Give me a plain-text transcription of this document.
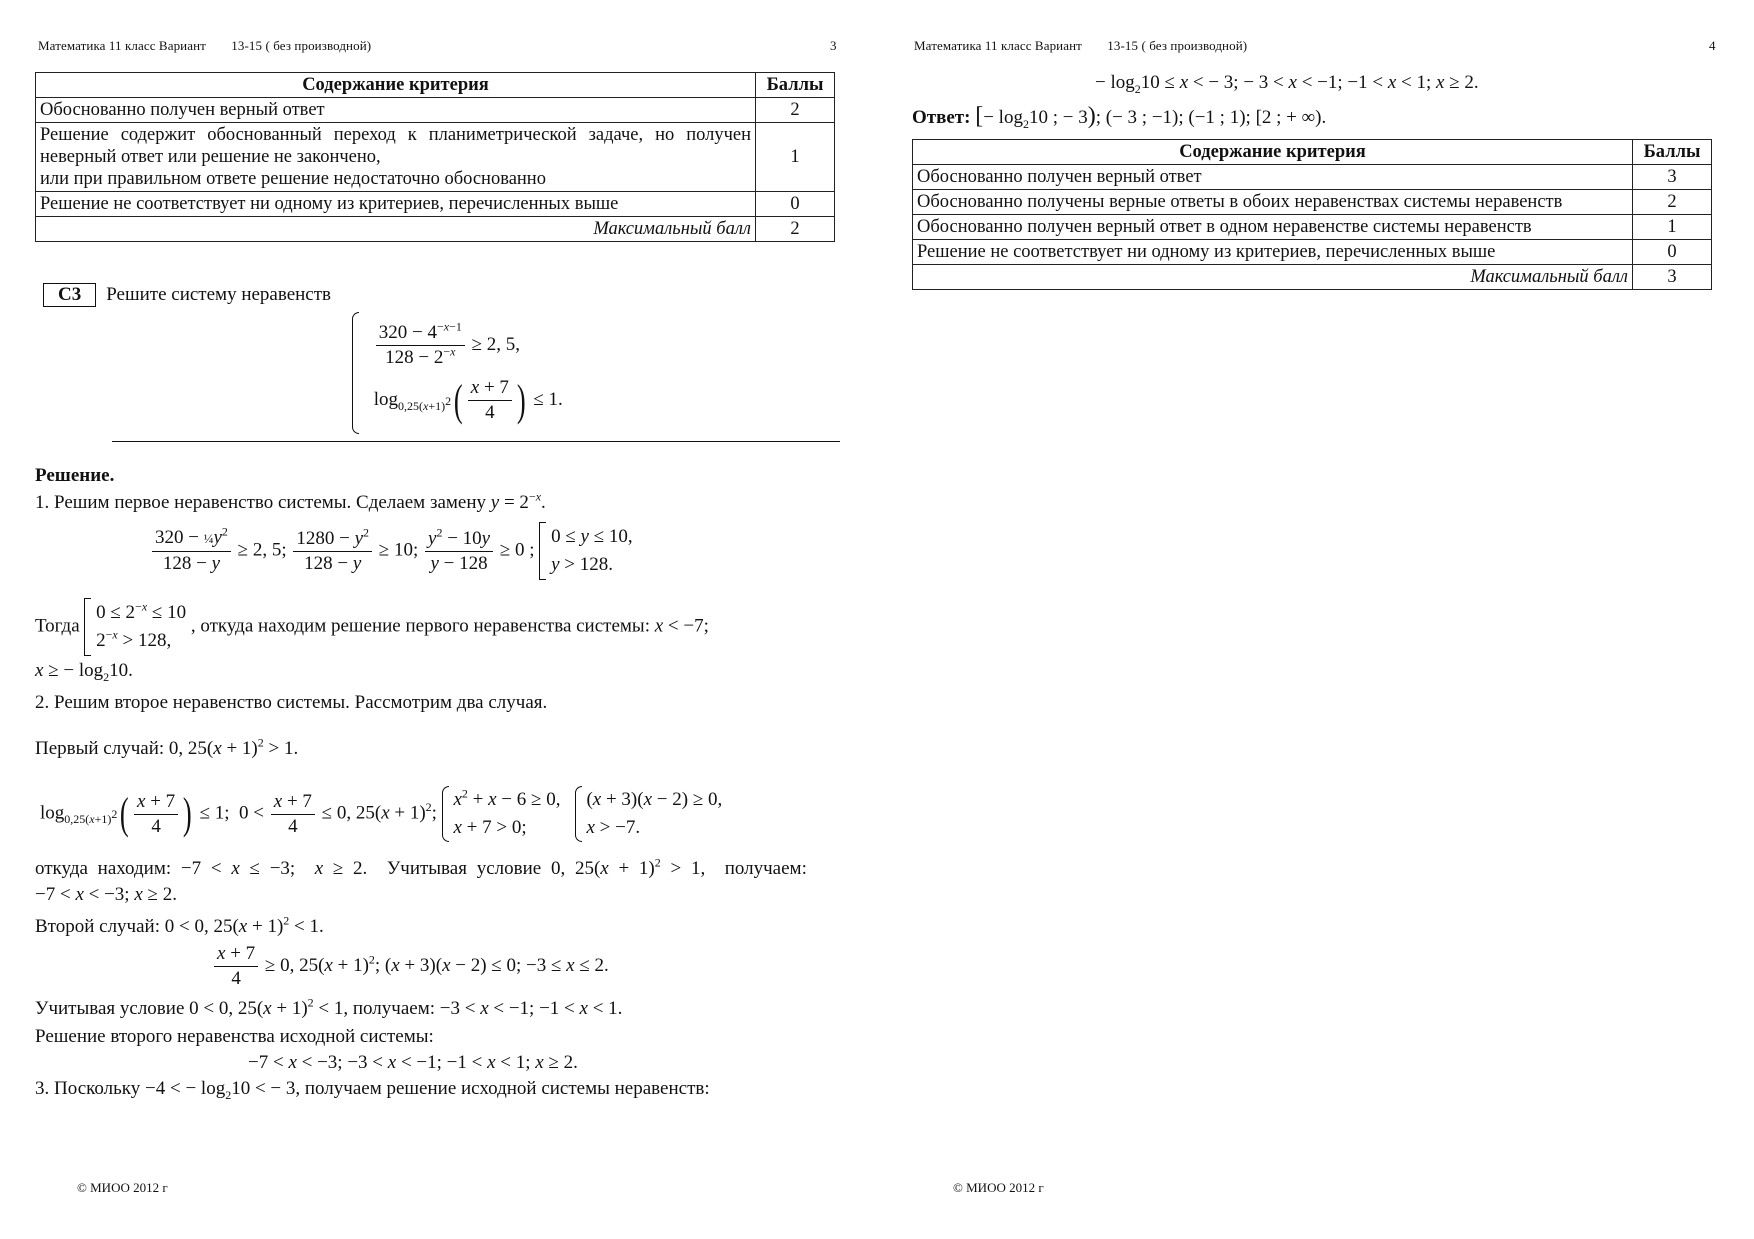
Математика 11 класс Вариант 13-15 ( без производной)	3
Содержание критерия	Баллы
Обоснованно получен верный ответ	2
Решение содержит обоснованный переход к планиметрической задаче, но получен неверный ответ или решение не закончено,
или при правильном ответе решение недостаточно обоснованно	1
Решение не соответствует ни одному из критериев, перечисленных выше	0
Максимальный балл	2
C3 Решите систему неравенств

$\frac{320 - 4^{-x-1}}{128 - 2^{-x}} \ge 2$, 5,
$\log_{0,25(x+1)^2}( \frac{x + 7}{4}$ ) ≤ 1.
Решение.
1. Решим первое неравенство системы. Сделаем замену $y = 2^{-x}$.
$\frac{320 - \frac{1}{4}y^2}{128 - y} \ge 2$, 5; $\frac{1280 - y^2}{128 - y} \ge 10$; $\frac{y^2 - 10y}{y - 128} \ge 0$ ;
0 ≤ y ≤ 10,
y > 128.
Тогда
$0 \le 2^{-x} \le 10$
$2^{-x} > 128$,
, откуда находим решение первого неравенства системы: x < −7;
x ≥ − $\log_210$.
2. Решим второе неравенство системы. Рассмотрим два случая.
Первый случай: 0, $25(x + 1)^2 > 1$.
$\log_{0,25(x+1)^2}( \frac{x + 7}{4}$ ) ≤ 1;  $0 < \frac{x + 7}{4} \le 0$, $25(x + 1)^2$;
$x^2 + x - 6 \ge 0$,
x + 7 > 0;

(x + 3)(x − 2) ≥ 0,
x > −7.
откуда находим: −7 < x ≤ −3;  x ≥ 2.  Учитывая условие 0, $25(x + 1)^2 > 1$,  получаем:
−7 < x < −3; x ≥ 2.
Второй случай: 0 < 0, $25(x + 1)^2 < 1$.
$\frac{x + 7}{4} \ge 0$, $25(x + 1)^2$; (x + 3)(x − 2) ≤ 0; −3 ≤ x ≤ 2.
Учитывая условие 0 < 0, $25(x + 1)^2 < 1$, получаем: −3 < x < −1; −1 < x < 1.
Решение второго неравенства исходной системы:
−7 < x < −3; −3 < x < −1; −1 < x < 1; x ≥ 2.
3. Поскольку −4 < − $\log_210$ < − 3, получаем решение исходной системы неравенств:
© МИОО 2012 г
Математика 11 класс Вариант 13-15 ( без производной)	4
− $\log_210 \le x$ < − 3; − 3 < x < −1; −1 < x < 1; x ≥ 2.
Ответ: [− $\log_210$ ; − 3); (− 3 ; −1); (−1 ; 1); [2 ; + ∞).
Содержание критерия	Баллы
Обоснованно получен верный ответ	3
Обоснованно получены верные ответы в обоих неравенствах системы неравенств	2
Обоснованно получен верный ответ в одном неравенстве системы неравенств	1
Решение не соответствует ни одному из критериев, перечисленных выше	0
Максимальный балл	3
© МИОО 2012 г
